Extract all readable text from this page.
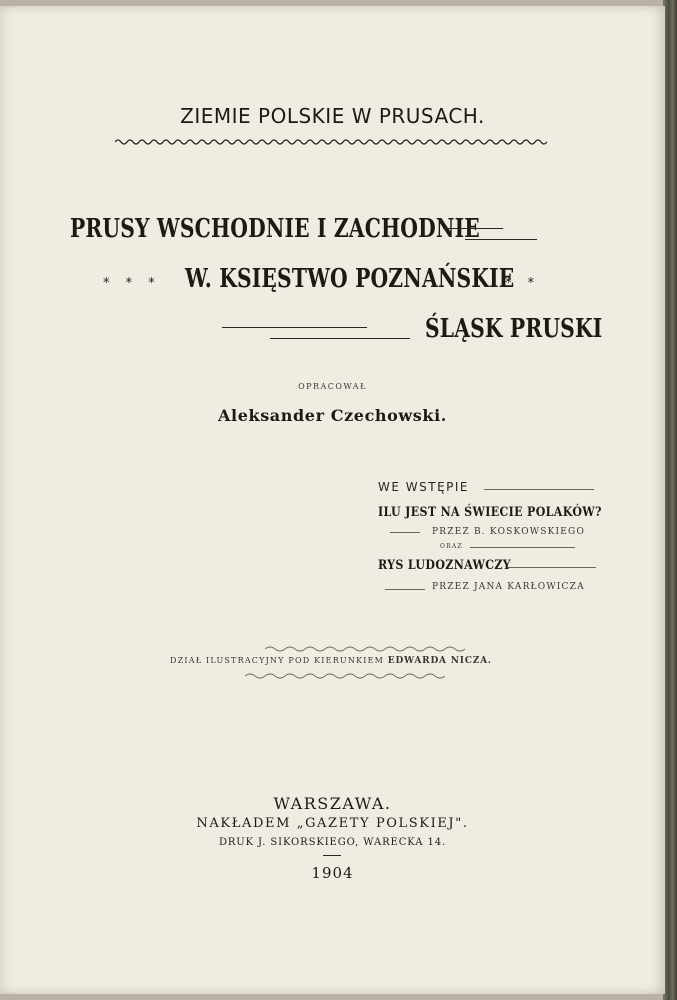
ZIEMIE POLSKIE W PRUSACH.
PRUSY WSCHODNIE I ZACHODNIE
* * * W. KSIĘSTWO POZNAŃSKIE
* *
ŚLĄSK PRUSKI
OPRACOWAŁ
Aleksander Czechowski.
WE WSTĘPIE
ILU JEST NA ŚWIECIE POLAKÓW?
PRZEZ B. KOSKOWSKIEGO
ORAZ
RYS LUDOZNAWCZY
PRZEZ JANA KARŁOWICZA
DZIAŁ ILUSTRACYJNY POD KIERUNKIEM EDWARDA NICZA.
WARSZAWA.
NAKŁADEM „GAZETY POLSKIEJ".
DRUK J. SIKORSKIEGO, WARECKA 14.
1904
